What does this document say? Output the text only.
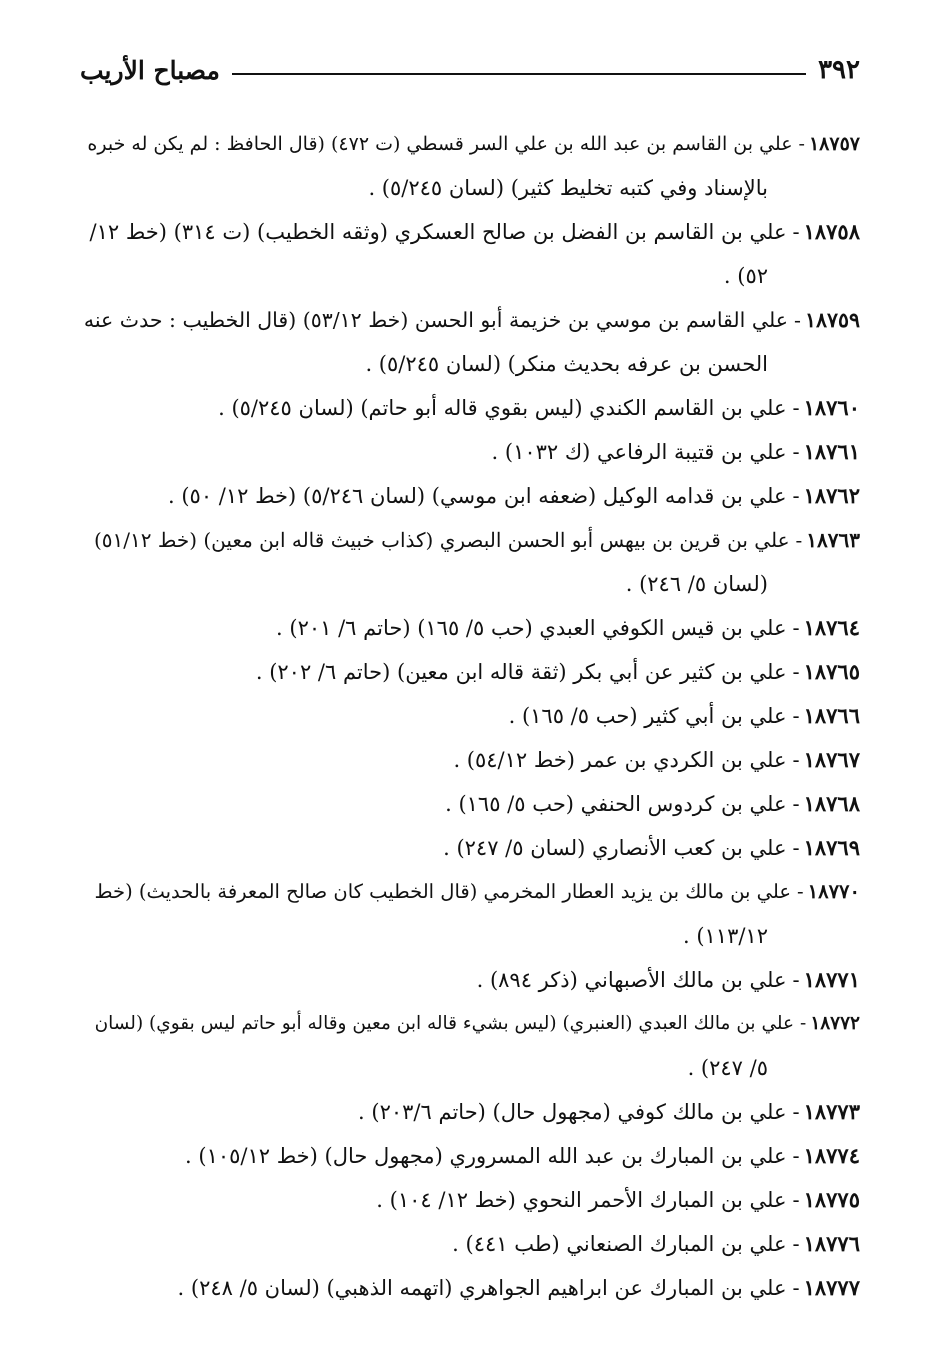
٣٩٢
مصباح الأريب
١٨٧٥٧
-
علي بن القاسم بن عبد الله بن علي السر قسطي (ت ٤٧٢) (قال الحافظ : لم يكن له خبره
بالإسناد وفي كتبه تخليط كثير) (لسان ٥/٢٤٥) .
١٨٧٥٨
-
علي بن القاسم بن الفضل بن صالح العسكري (وثقه الخطيب) (ت ٣١٤) (خط ١٢/
٥٢) .
١٨٧٥٩
-
علي القاسم بن موسي بن خزيمة أبو الحسن (خط ٥٣/١٢) (قال الخطيب : حدث عنه
الحسن بن عرفه بحديث منكر) (لسان ٥/٢٤٥) .
١٨٧٦٠
-
علي بن القاسم الكندي (ليس بقوي قاله أبو حاتم) (لسان ٥/٢٤٥) .
١٨٧٦١
-
علي بن قتيبة الرفاعي (ك ١٠٣٢) .
١٨٧٦٢
-
علي بن قدامه الوكيل (ضعفه ابن موسي) (لسان ٥/٢٤٦) (خط ١٢/ ٥٠) .
١٨٧٦٣
-
علي بن قرين بن بيهس أبو الحسن البصري (كذاب خبيث قاله ابن معين) (خط ٥١/١٢)
(لسان ٥/ ٢٤٦) .
١٨٧٦٤
-
علي بن قيس الكوفي العبدي (حب ٥/ ١٦٥) (حاتم ٦/ ٢٠١) .
١٨٧٦٥
-
علي بن كثير عن أبي بكر (ثقة قاله ابن معين) (حاتم ٦/ ٢٠٢) .
١٨٧٦٦
-
علي بن أبي كثير (حب ٥/ ١٦٥) .
١٨٧٦٧
-
علي بن الكردي بن عمر (خط ٥٤/١٢) .
١٨٧٦٨
-
علي بن كردوس الحنفي (حب ٥/ ١٦٥) .
١٨٧٦٩
-
علي بن كعب الأنصاري (لسان ٥/ ٢٤٧) .
١٨٧٧٠
-
علي بن مالك بن يزيد العطار المخرمي (قال الخطيب كان صالح المعرفة بالحديث) (خط
١١٣/١٢) .
١٨٧٧١
-
علي بن مالك الأصبهاني (ذكر ٨٩٤) .
١٨٧٧٢
-
علي بن مالك العبدي (العنبري) (ليس بشيء قاله ابن معين وقاله أبو حاتم ليس بقوي) (لسان
٥/ ٢٤٧) .
١٨٧٧٣
-
علي بن مالك كوفي (مجهول حال) (حاتم ٢٠٣/٦) .
١٨٧٧٤
-
علي بن المبارك بن عبد الله المسروري (مجهول حال) (خط ١٠٥/١٢) .
١٨٧٧٥
-
علي بن المبارك الأحمر النحوي (خط ١٢/ ١٠٤) .
١٨٧٧٦
-
علي بن المبارك الصنعاني (طب ٤٤١) .
١٨٧٧٧
-
علي بن المبارك عن ابراهيم الجواهري (اتهمه الذهبي) (لسان ٥/ ٢٤٨) .
